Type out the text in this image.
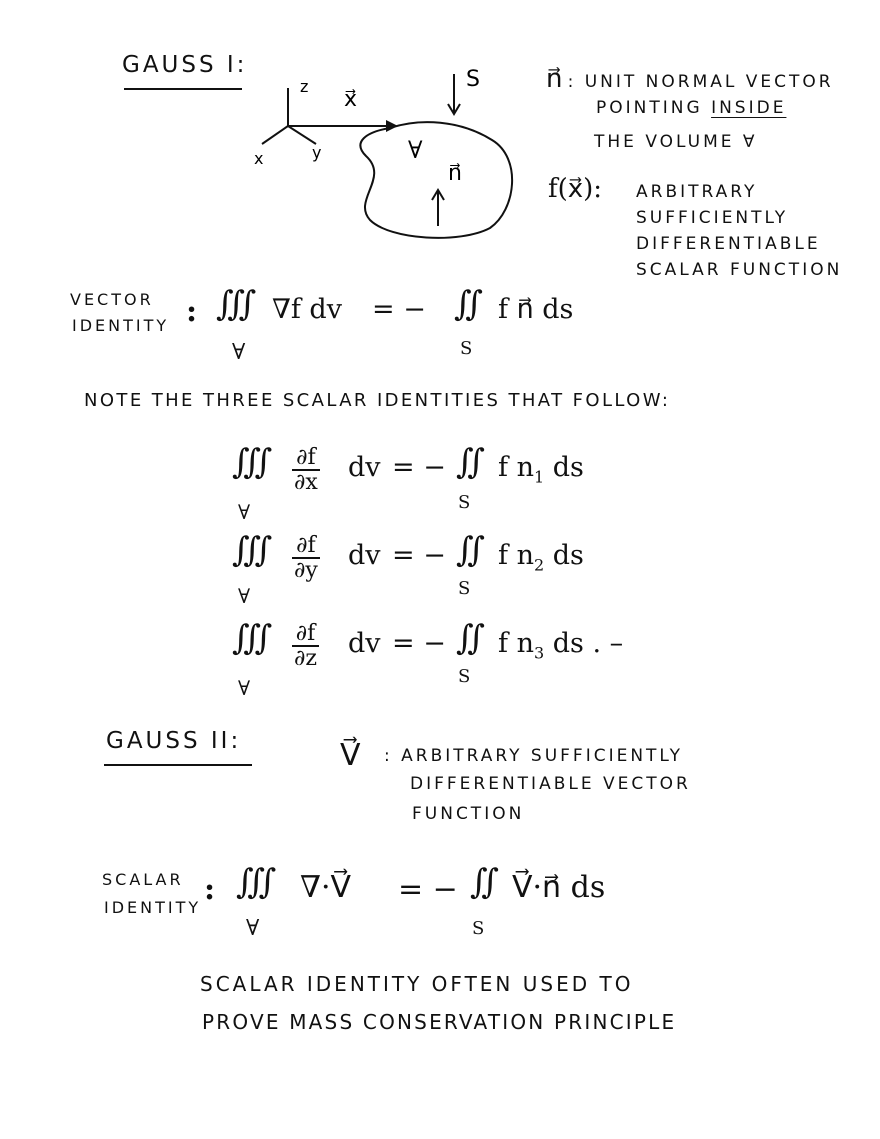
GAUSS I:
z
x	y
x⃗
S
∀
n⃗
n⃗ : UNIT NORMAL VECTOR
POINTING INSIDE
THE VOLUME ∀
f(x⃗): ARBITRARY
SUFFICIENTLY
DIFFERENTIABLE
SCALAR FUNCTION
VECTOR
IDENTITY : ∭ ∇f dv = − ∬ f n⃗ ds
∀	S
NOTE THE THREE SCALAR IDENTITIES THAT FOLLOW:
∭ $\frac{\partial f}{\partial x}$ dv = − ∬ f $n_1$ ds
∀	S
∭ $\frac{\partial f}{\partial y}$ dv = − ∬ f $n_2$ ds
∀	S
∭ $\frac{\partial f}{\partial z}$ dv = − ∬ f $n_3$ ds . –
∀	S
GAUSS II:	V⃗ : ARBITRARY SUFFICIENTLY
DIFFERENTIABLE VECTOR
FUNCTION
SCALAR
IDENTITY
: ∭ ∇·V⃗ = − ∬ V⃗·n⃗ ds
∀	S
SCALAR IDENTITY OFTEN USED TO
PROVE MASS CONSERVATION PRINCIPLE
